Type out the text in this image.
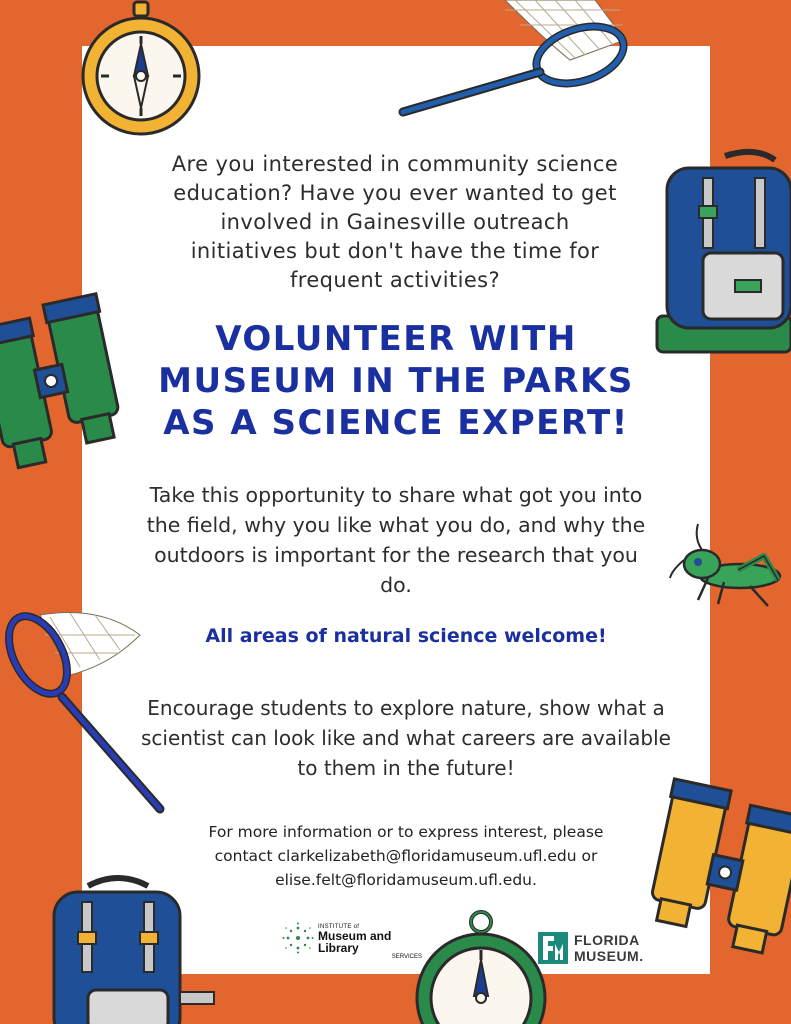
Are you interested in community science education? Have you ever wanted to get involved in Gainesville outreach initiatives but don't have the time for frequent activities?
VOLUNTEER WITH
MUSEUM IN THE PARKS
AS A SCIENCE EXPERT!
Take this opportunity to share what got you into the field, why you like what you do, and why the outdoors is important for the research that you do.
All areas of natural science welcome!
Encourage students to explore nature, show what a scientist can look like and what careers are available to them in the future!
For more information or to express interest, please
contact clarkelizabeth@floridamuseum.ufl.edu or
elise.felt@floridamuseum.ufl.edu.
INSTITUTE of
Museum and Library
SERVICES
FLORIDA
MUSEUM.
